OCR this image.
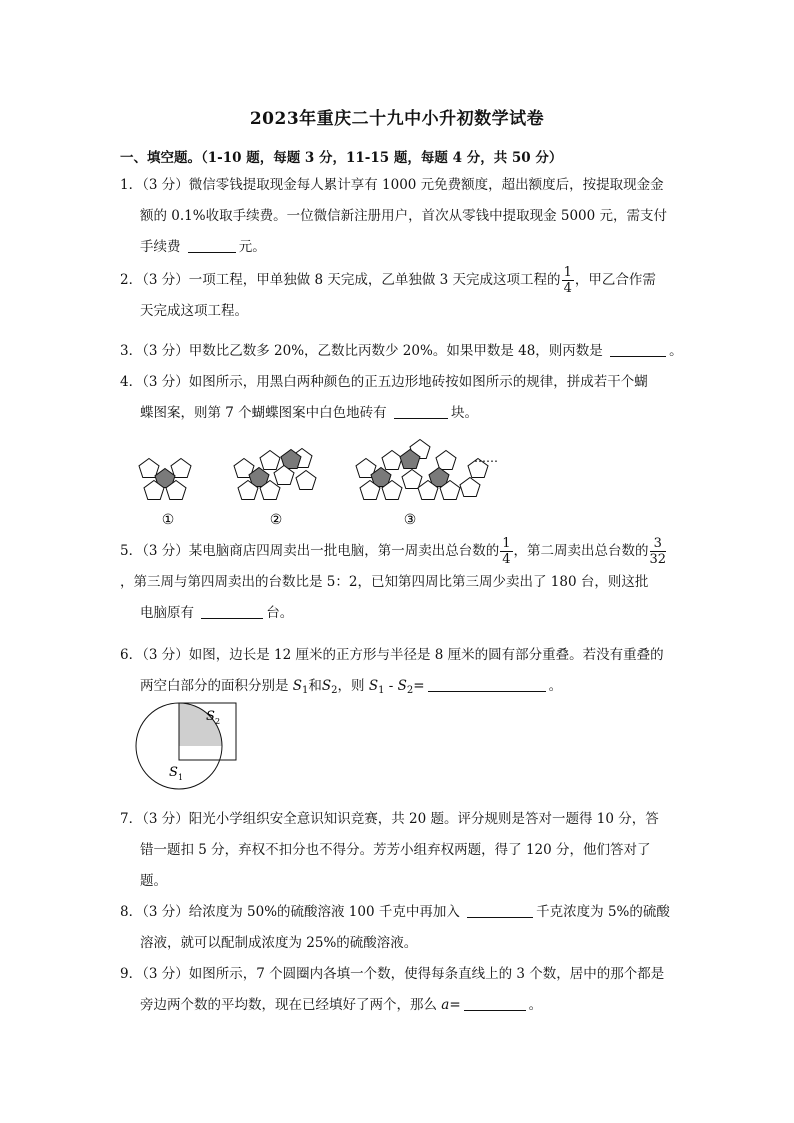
2023年重庆二十九中小升初数学试卷
一、填空题。（1-10 题，每题 3 分，11-15 题，每题 4 分，共 50 分）
1．（3 分）微信零钱提取现金每人累计享有 1000 元免费额度，超出额度后，按提取现金金
额的 0.1%收取手续费。一位微信新注册用户，首次从零钱中提取现金 5000 元，需支付
手续费	元。
2．（3 分）一项工程，甲单独做 8 天完成，乙单独做 3 天完成这项工程的 $\frac{1}{4}$ ，甲乙合作需
天完成这项工程。
3．（3 分）甲数比乙数多 20%，乙数比丙数少 20%。如果甲数是 48，则丙数是	。
4．（3 分）如图所示，用黑白两种颜色的正五边形地砖按如图所示的规律，拼成若干个蝴
蝶图案，则第 7 个蝴蝶图案中白色地砖有	块。
……
①	②	③
5．（3 分）某电脑商店四周卖出一批电脑，第一周卖出总台数的 $\frac{1}{4}$ ，第二周卖出总台数的 $\frac{3}{32}$
，第三周与第四周卖出的台数比是 5：2，已知第四周比第三周少卖出了 180 台，则这批
电脑原有	台。
6．（3 分）如图，边长是 12 厘米的正方形与半径是 8 厘米的圆有部分重叠。若没有重叠的
两空白部分的面积分别是 $S_1$和$S_2$，则 $S_1 - S_2=$	。
S 2
S 1
7．（3 分）阳光小学组织安全意识知识竞赛，共 20 题。评分规则是答对一题得 10 分，答
错一题扣 5 分，弃权不扣分也不得分。芳芳小组弃权两题，得了 120 分，他们答对了
题。
8．（3 分）给浓度为 50%的硫酸溶液 100 千克中再加入	千克浓度为 5%的硫酸
溶液，就可以配制成浓度为 25%的硫酸溶液。
9．（3 分）如图所示，7 个圆圈内各填一个数，使得每条直线上的 3 个数，居中的那个都是
旁边两个数的平均数，现在已经填好了两个，那么 a=	。
